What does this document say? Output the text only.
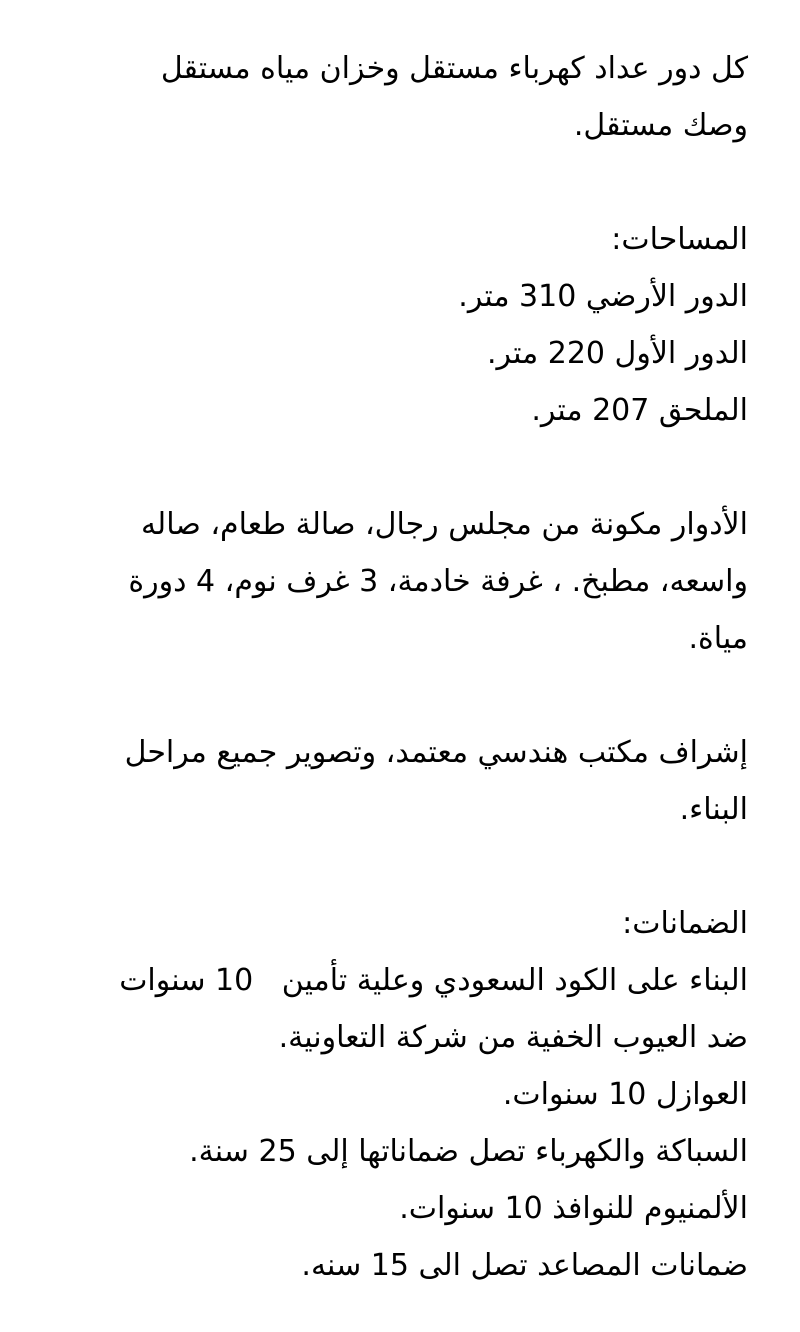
كل دور عداد كهرباء مستقل وخزان مياه مستقل
وصك مستقل.
المساحات:
الدور الأرضي 310 متر.
الدور الأول 220 متر.
الملحق 207 متر.
الأدوار مكونة من مجلس رجال، صالة طعام، صاله
واسعه، مطبخ. ، غرفة خادمة، 3 غرف نوم، 4 دورة
مياة.
إشراف مكتب هندسي معتمد، وتصوير جميع مراحل
البناء.
الضمانات:
البناء على الكود السعودي وعلية تأمين   10 سنوات
ضد العيوب الخفية من شركة التعاونية.
العوازل 10 سنوات.
السباكة والكهرباء تصل ضماناتها إلى 25 سنة.
الألمنيوم للنوافذ 10 سنوات.
ضمانات المصاعد تصل الى 15 سنه.
